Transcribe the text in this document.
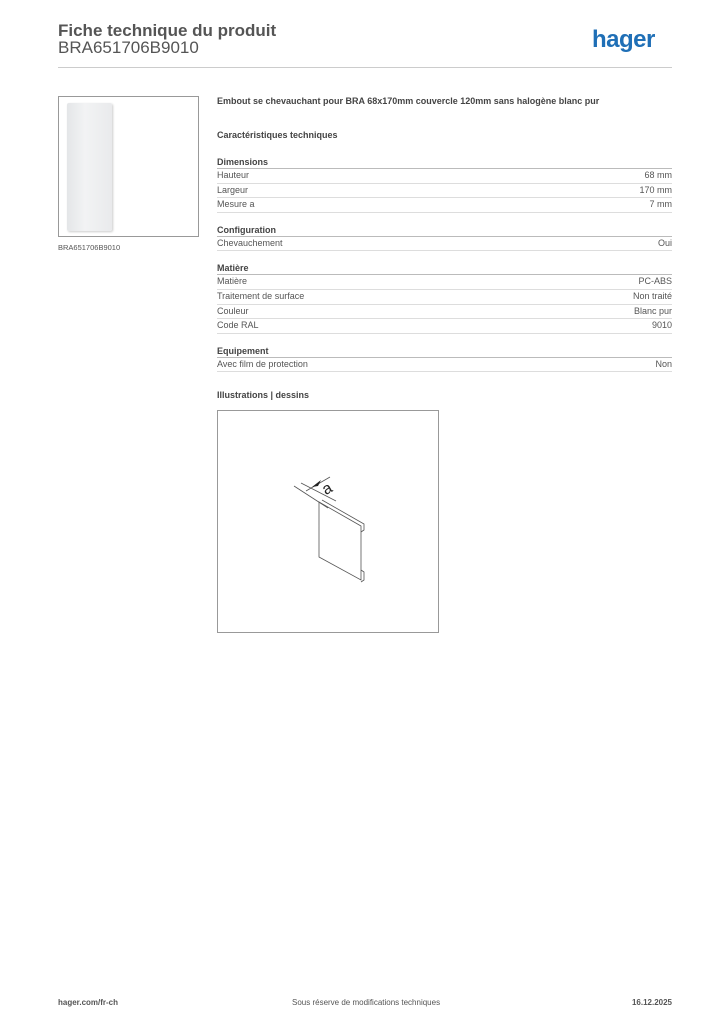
Fiche technique du produit
BRA651706B9010	hager
BRA651706B9010
Embout se chevauchant pour BRA 68x170mm couvercle 120mm sans halogène blanc pur
Caractéristiques techniques
Dimensions
Hauteur	68 mm
Largeur	170 mm
Mesure a	7 mm
Configuration
Chevauchement	Oui
Matière
Matière	PC-ABS
Traitement de surface	Non traité
Couleur	Blanc pur
Code RAL	9010
Equipement
Avec film de protection	Non
Illustrations | dessins
a
hager.com/fr-ch	Sous réserve de modifications techniques	16.12.2025
